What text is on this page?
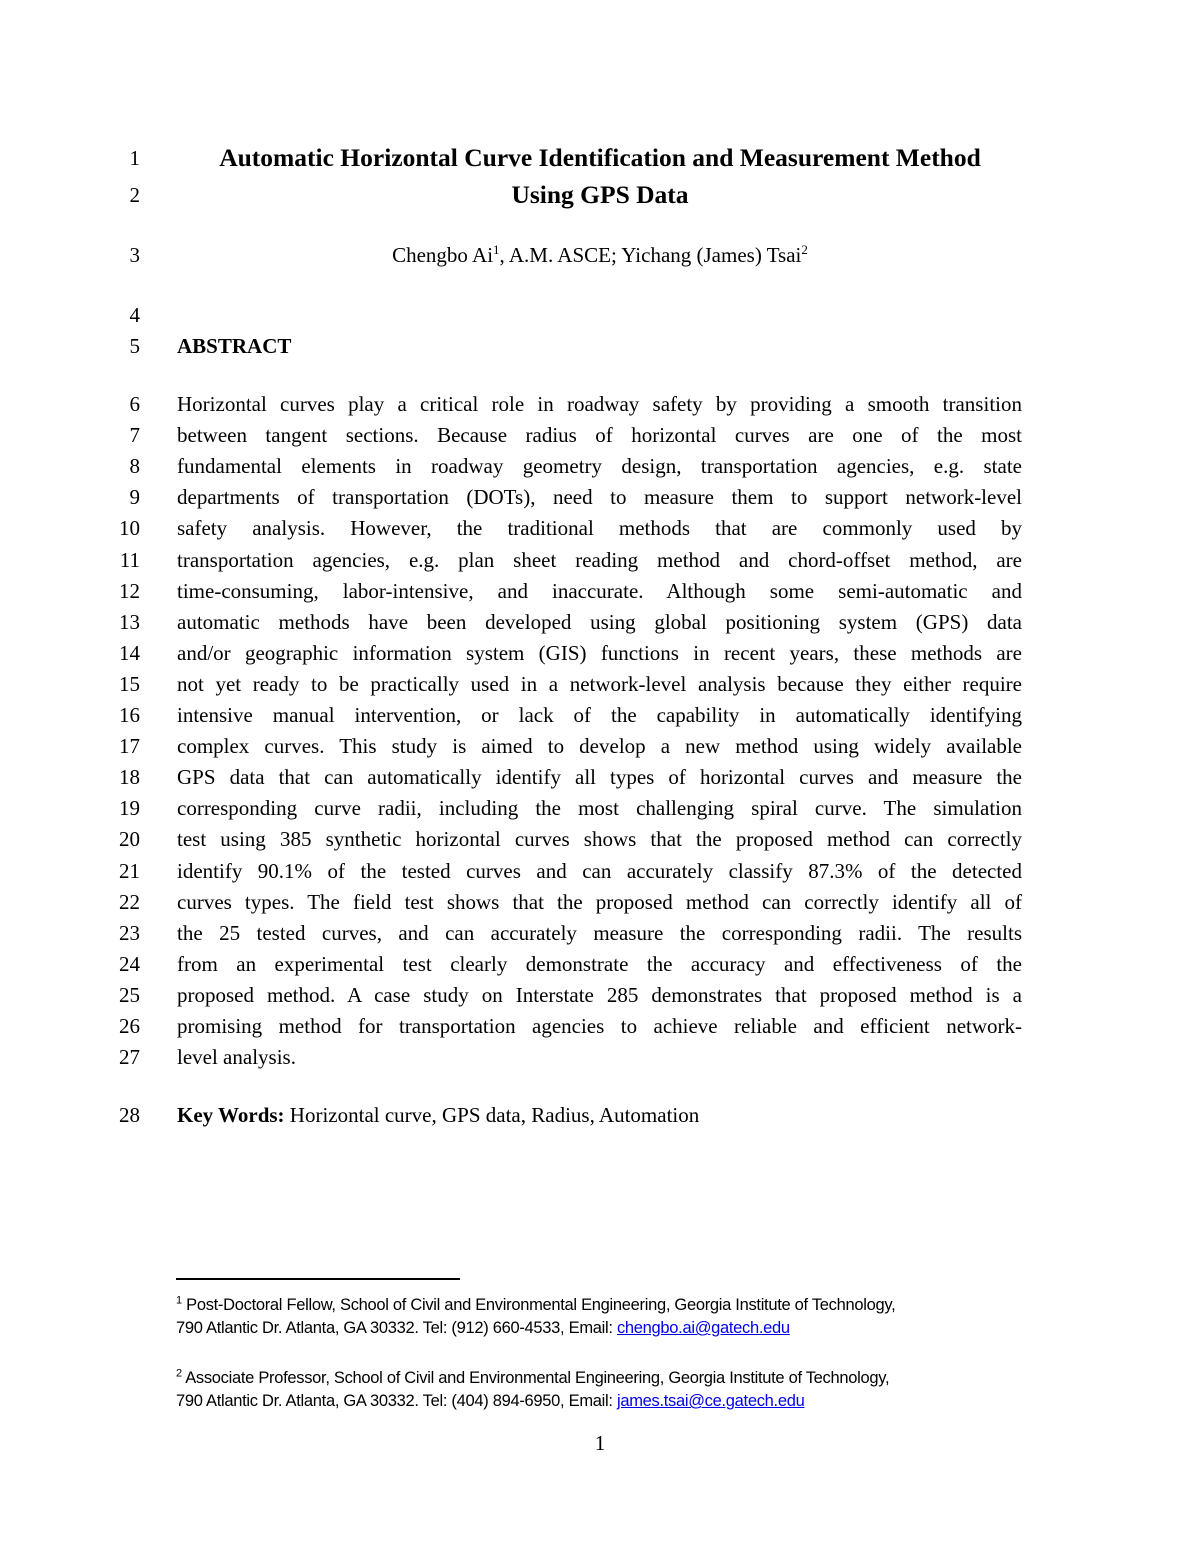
1	Automatic Horizontal Curve Identification and Measurement Method
2	Using GPS Data
3	Chengbo Ai$^1$, A.M. ASCE; Yichang (James) Tsai$^2$
4
5 ABSTRACT
6 Horizontal curves play a critical role in roadway safety by providing a smooth transition
7 between tangent sections. Because radius of horizontal curves are one of the most
8 fundamental elements in roadway geometry design, transportation agencies, e.g. state
9 departments of transportation (DOTs), need to measure them to support network-level
10 safety analysis. However, the traditional methods that are commonly used by
11 transportation agencies, e.g. plan sheet reading method and chord-offset method, are
12 time-consuming, labor-intensive, and inaccurate. Although some semi-automatic and
13 automatic methods have been developed using global positioning system (GPS) data
14 and/or geographic information system (GIS) functions in recent years, these methods are
15 not yet ready to be practically used in a network-level analysis because they either require
16 intensive manual intervention, or lack of the capability in automatically identifying
17 complex curves. This study is aimed to develop a new method using widely available
18 GPS data that can automatically identify all types of horizontal curves and measure the
19 corresponding curve radii, including the most challenging spiral curve. The simulation
20 test using 385 synthetic horizontal curves shows that the proposed method can correctly
21 identify 90.1% of the tested curves and can accurately classify 87.3% of the detected
22 curves types. The field test shows that the proposed method can correctly identify all of
23 the 25 tested curves, and can accurately measure the corresponding radii. The results
24 from an experimental test clearly demonstrate the accuracy and effectiveness of the
25 proposed method. A case study on Interstate 285 demonstrates that proposed method is a
26 promising method for transportation agencies to achieve reliable and efficient network-
27 level analysis.
28 Key Words: Horizontal curve, GPS data, Radius, Automation
$^1$ Post-Doctoral Fellow, School of Civil and Environmental Engineering, Georgia Institute of Technology,
790 Atlantic Dr. Atlanta, GA 30332. Tel: (912) 660-4533, Email: chengbo.ai@gatech.edu
$^2$ Associate Professor, School of Civil and Environmental Engineering, Georgia Institute of Technology,
790 Atlantic Dr. Atlanta, GA 30332. Tel: (404) 894-6950, Email: james.tsai@ce.gatech.edu
1
